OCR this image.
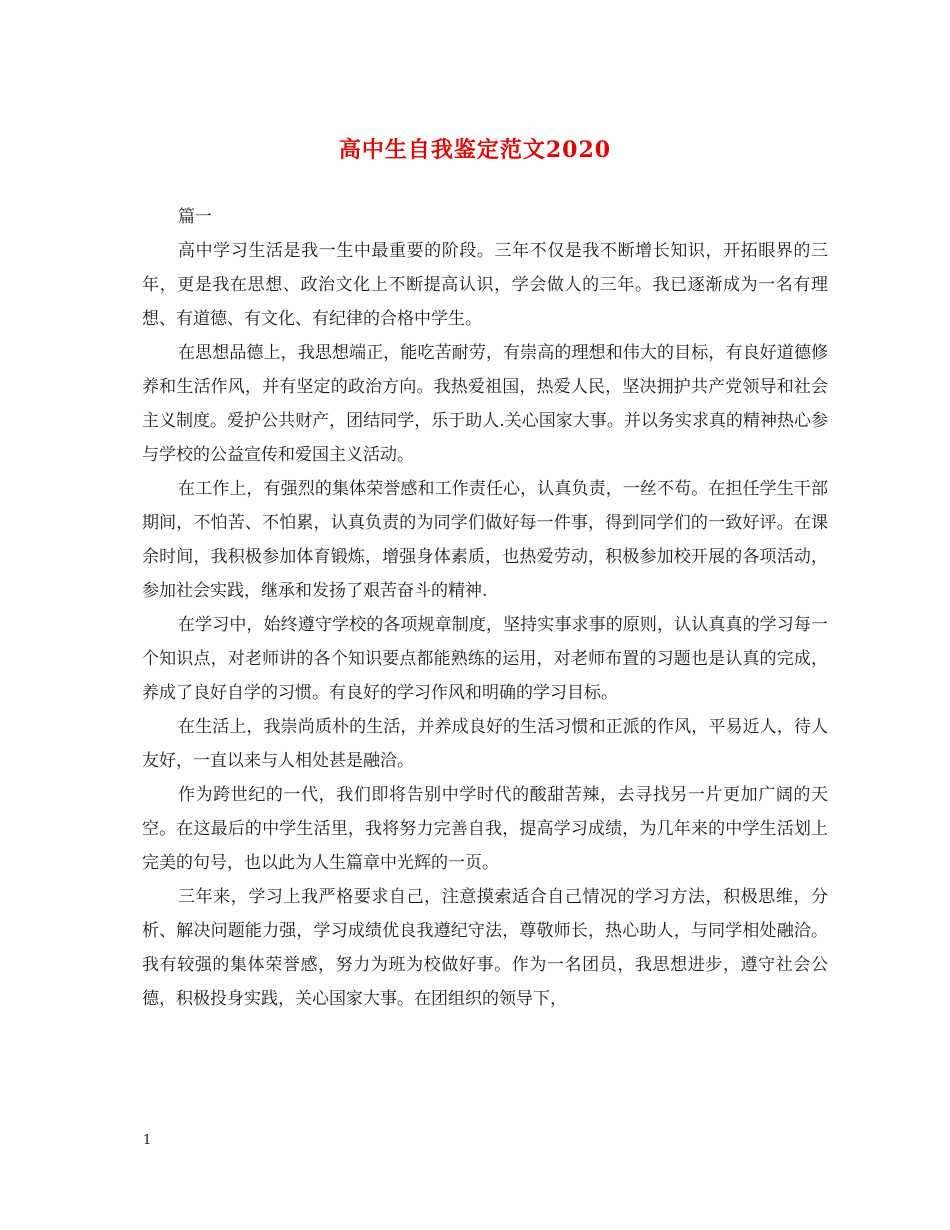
高中生自我鉴定范文2020

篇一

高中学习生活是我一生中最重要的阶段。三年不仅是我不断增长知识，开拓眼界的三年，更是我在思想、政治文化上不断提高认识，学会做人的三年。我已逐渐成为一名有理想、有道德、有文化、有纪律的合格中学生。

在思想品德上，我思想端正，能吃苦耐劳，有崇高的理想和伟大的目标，有良好道德修养和生活作风，并有坚定的政治方向。我热爱祖国，热爱人民，坚决拥护共产党领导和社会主义制度。爱护公共财产，团结同学，乐于助人.关心国家大事。并以务实求真的精神热心参与学校的公益宣传和爱国主义活动。

在工作上，有强烈的集体荣誉感和工作责任心，认真负责，一丝不苟。在担任学生干部期间，不怕苦、不怕累，认真负责的为同学们做好每一件事，得到同学们的一致好评。在课余时间，我积极参加体育锻炼，增强身体素质，也热爱劳动，积极参加校开展的各项活动，参加社会实践，继承和发扬了艰苦奋斗的精神.

在学习中，始终遵守学校的各项规章制度，坚持实事求事的原则，认认真真的学习每一个知识点，对老师讲的各个知识要点都能熟练的运用，对老师布置的习题也是认真的完成，养成了良好自学的习惯。有良好的学习作风和明确的学习目标。

在生活上，我崇尚质朴的生活，并养成良好的生活习惯和正派的作风，平易近人，待人友好，一直以来与人相处甚是融洽。

作为跨世纪的一代，我们即将告别中学时代的酸甜苦辣，去寻找另一片更加广阔的天空。在这最后的中学生活里，我将努力完善自我，提高学习成绩，为几年来的中学生活划上完美的句号，也以此为人生篇章中光辉的一页。

三年来，学习上我严格要求自己，注意摸索适合自己情况的学习方法，积极思维，分析、解决问题能力强，学习成绩优良我遵纪守法，尊敬师长，热心助人，与同学相处融洽。我有较强的集体荣誉感，努力为班为校做好事。作为一名团员，我思想进步，遵守社会公德，积极投身实践，关心国家大事。在团组织的领导下，

1
